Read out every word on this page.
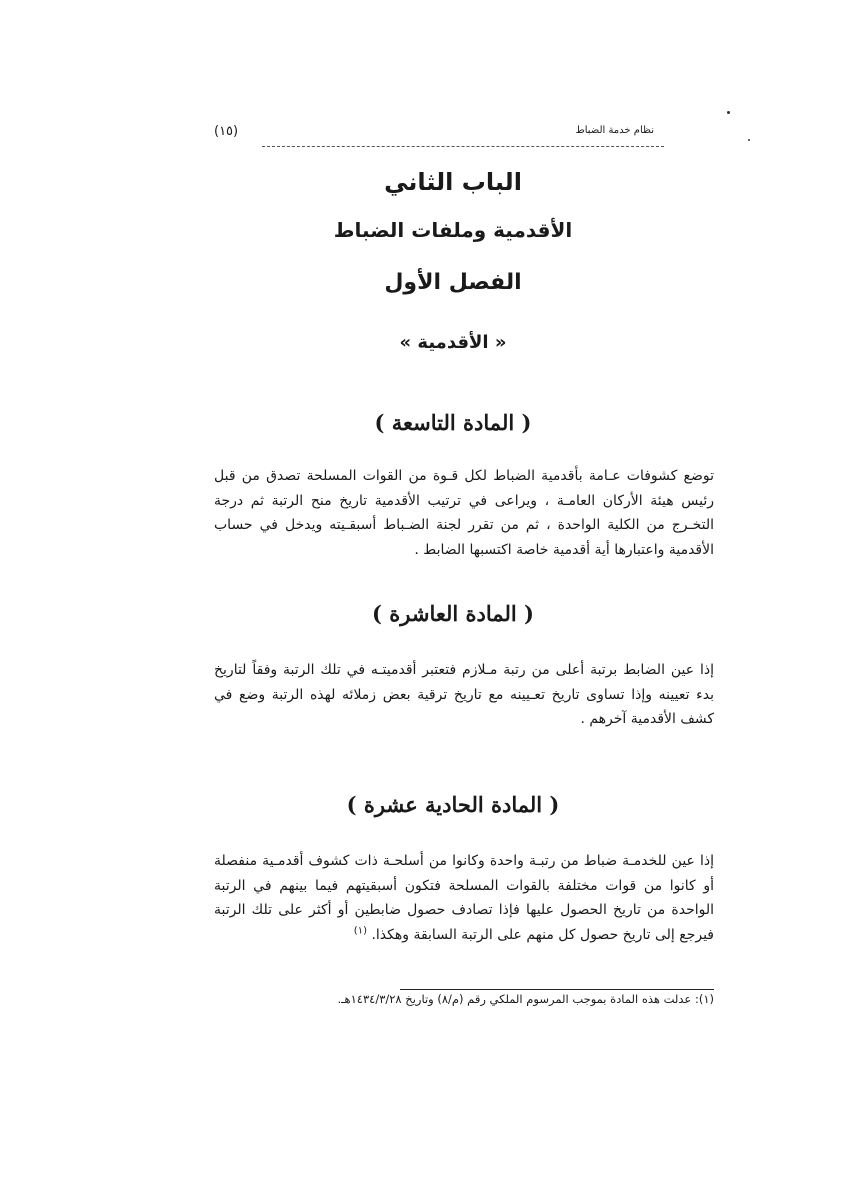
(١٥)	نظام خدمة الضباط
الباب الثاني
الأقدمية وملفات الضباط
الفصل الأول
« الأقدمية »
( المادة التاسعة )

توضع كشوفات عـامة بأقدمية الضباط لكل قـوة من القوات المسلحة تصدق من قبل رئيس هيئة الأركان العامـة ، ويراعى في ترتيب الأقدمية تاريخ منح الرتبة ثم درجة التخـرج من الكلية الواحدة ، ثم من تقرر لجنة الضـباط أسبقـيته ويدخل في حساب الأقدمية واعتبارها أية أقدمية خاصة اكتسبها الضابط .

( المادة العاشرة )

إذا عين الضابط برتبة أعلى من رتبة مـلازم فتعتبر أقدميتـه في تلك الرتبة وفقاً لتاريخ بدء تعيينه وإذا تساوى تاريخ تعـيينه مع تاريخ ترقية بعض زملائه لهذه الرتبة وضع في كشف الأقدمية آخرهم .

( المادة الحادية عشرة )

إذا عين للخدمـة ضباط من رتبـة واحدة وكانوا من أسلحـة ذات كشوف أقدمـية منفصلة أو كانوا من قوات مختلفة بالقوات المسلحة فتكون أسبقيتهم فيما بينهم في الرتبة الواحدة من تاريخ الحصول عليها فإذا تصادف حصول ضابطين أو أكثر على تلك الرتبة فيرجع إلى تاريخ حصول كل منهم على الرتبة السابقة وهكذا. $^{(١)}$

(١): عدلت هذه المادة بموجب المرسوم الملكي رقم (م/٨) وتاريخ ١٤٣٤/٣/٢٨هـ.
